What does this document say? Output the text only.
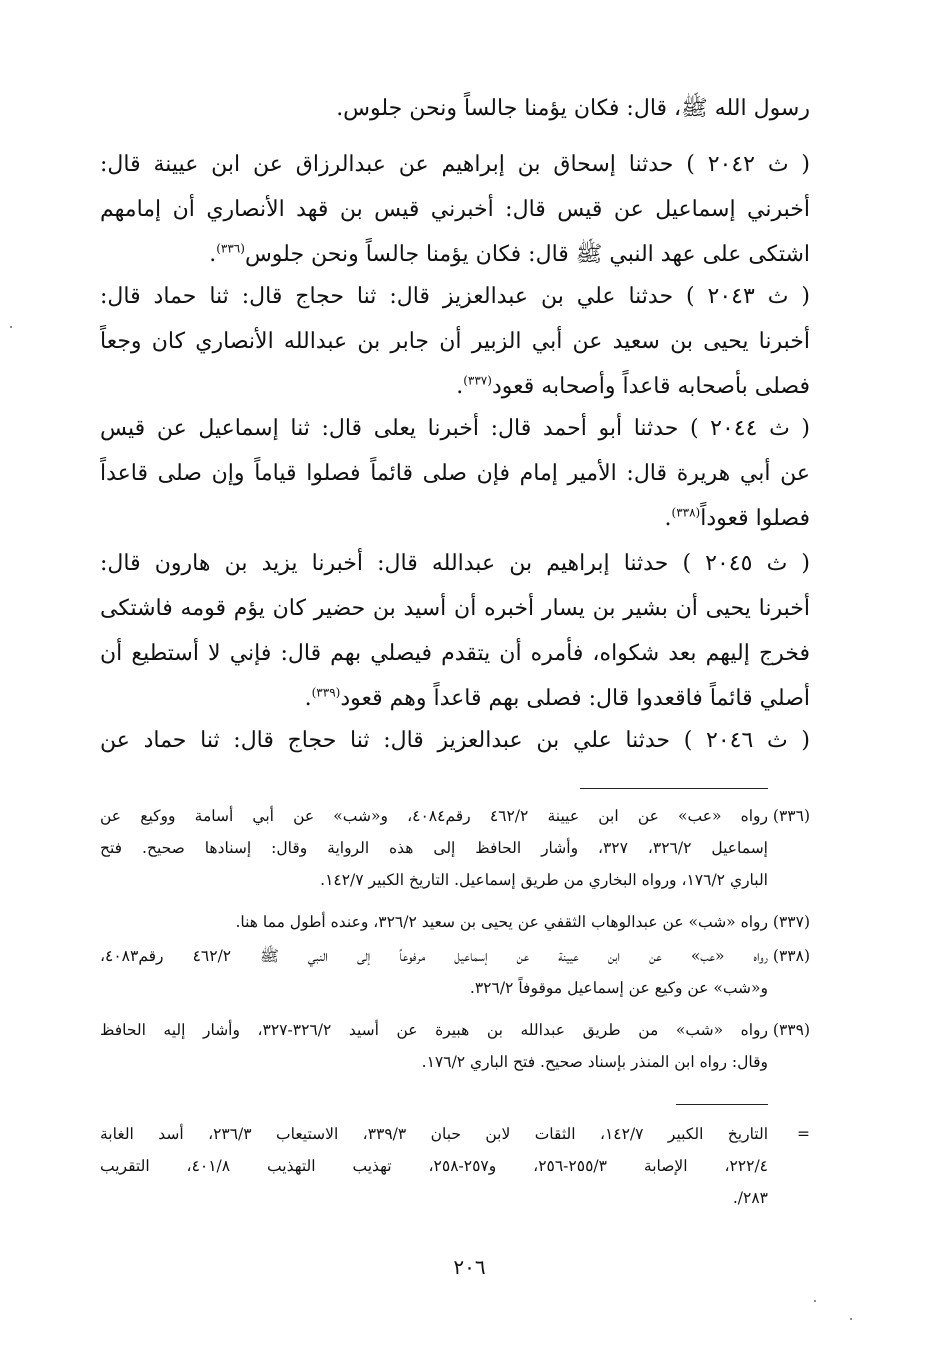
رسول الله ﷺ، قال: فكان يؤمنا جالساً ونحن جلوس.
( ث ٢٠٤٢ ) حدثنا إسحاق بن إبراهيم عن عبدالرزاق عن ابن عيينة قال:
أخبرني إسماعيل عن قيس قال: أخبرني قيس بن قهد الأنصاري أن إمامهم
اشتكى على عهد النبي ﷺ قال: فكان يؤمنا جالساً ونحن جلوس$^{(٣٣٦)}$.
( ث ٢٠٤٣ ) حدثنا علي بن عبدالعزيز قال: ثنا حجاج قال: ثنا حماد قال:
أخبرنا يحيى بن سعيد عن أبي الزبير أن جابر بن عبدالله الأنصاري كان وجعاً
فصلى بأصحابه قاعداً وأصحابه قعود$^{(٣٣٧)}$.
( ث ٢٠٤٤ ) حدثنا أبو أحمد قال: أخبرنا يعلى قال: ثنا إسماعيل عن قيس
عن أبي هريرة قال: الأمير إمام فإن صلى قائماً فصلوا قياماً وإن صلى قاعداً
فصلوا قعوداً$^{(٣٣٨)}$.
( ث ٢٠٤٥ ) حدثنا إبراهيم بن عبدالله قال: أخبرنا يزيد بن هارون قال:
أخبرنا يحيى أن بشير بن يسار أخبره أن أسيد بن حضير كان يؤم قومه فاشتكى
فخرج إليهم بعد شكواه، فأمره أن يتقدم فيصلي بهم قال: فإني لا أستطيع أن
أصلي قائماً فاقعدوا قال: فصلى بهم قاعداً وهم قعود$^{(٣٣٩)}$.
( ث ٢٠٤٦ ) حدثنا علي بن عبدالعزيز قال: ثنا حجاج قال: ثنا حماد عن
(٣٣٦)رواه «عب» عن ابن عيينة ٤٦٢/٢ رقم٤٠٨٤، و«شب» عن أبي أسامة ووكيع عن
إسماعيل ٣٢٦/٢، ٣٢٧، وأشار الحافظ إلى هذه الرواية وقال: إسنادها صحيح. فتح
الباري ١٧٦/٢، ورواه البخاري من طريق إسماعيل. التاريخ الكبير ١٤٢/٧.
(٣٣٧)رواه «شب» عن عبدالوهاب الثقفي عن يحيى بن سعيد ٣٢٦/٢، وعنده أطول مما هنا.
(٣٣٨)رواه «عب» عن ابن عيينة عن إسماعيل مرفوعاً إلى النبي ﷺ ٤٦٢/٢ رقم٤٠٨٣،
و«شب» عن وكيع عن إسماعيل موقوفاً ٣٢٦/٢.
(٣٣٩)رواه «شب» من طريق عبدالله بن هبيرة عن أسيد ٣٢٦/٢-٣٢٧، وأشار إليه الحافظ
وقال: رواه ابن المنذر بإسناد صحيح. فتح الباري ١٧٦/٢.
=التاريخ الكبير ١٤٢/٧، الثقات لابن حبان ٣٣٩/٣، الاستيعاب ٢٣٦/٣، أسد الغابة
٢٢٢/٤، الإصابة ٢٥٥/٣-٢٥٦، و٢٥٧-٢٥٨، تهذيب التهذيب ٤٠١/٨، التقريب
٢٨٣/.
٢٠٦
